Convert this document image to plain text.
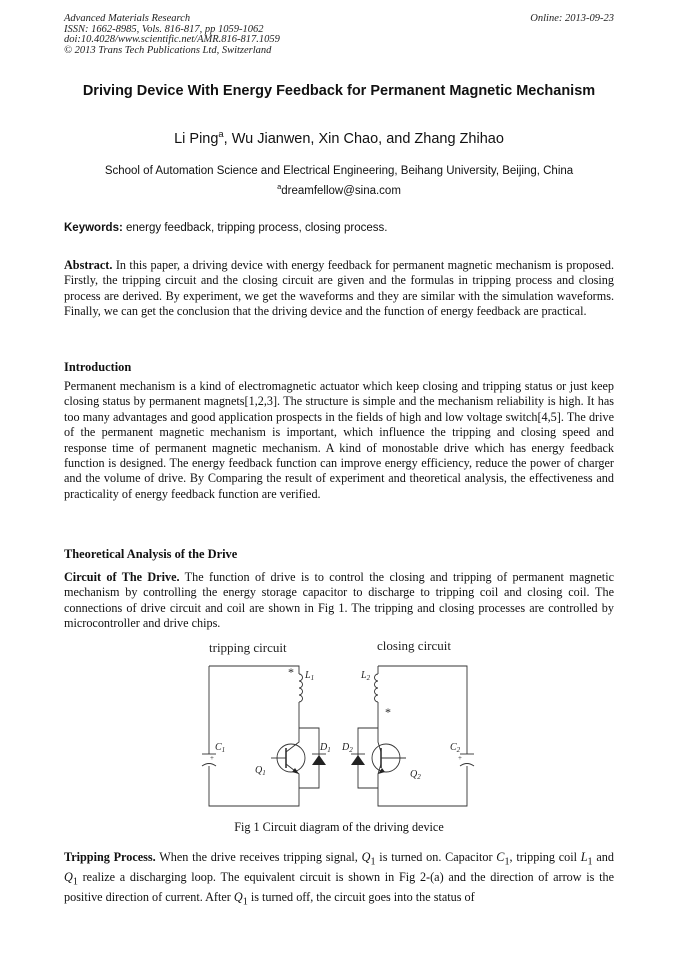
Advanced Materials Research
ISSN: 1662-8985, Vols. 816-817, pp 1059-1062
doi:10.4028/www.scientific.net/AMR.816-817.1059
© 2013 Trans Tech Publications Ltd, Switzerland
Online: 2013-09-23
Driving Device With Energy Feedback for Permanent Magnetic Mechanism
Li Ping$^a$, Wu Jianwen, Xin Chao, and Zhang Zhihao
School of Automation Science and Electrical Engineering, Beihang University, Beijing, China
$^a$dreamfellow@sina.com
Keywords: energy feedback, tripping process, closing process.
Abstract. In this paper, a driving device with energy feedback for permanent magnetic mechanism is proposed. Firstly, the tripping circuit and the closing circuit are given and the formulas in tripping process and closing process are derived. By experiment, we get the waveforms and they are similar with the simulation waveforms. Finally, we can get the conclusion that the driving device and the function of energy feedback are practical.
Introduction
Permanent mechanism is a kind of electromagnetic actuator which keep closing and tripping status or just keep closing status by permanent magnets[1,2,3]. The structure is simple and the mechanism reliability is high. It has too many advantages and good application prospects in the fields of high and low voltage switch[4,5]. The drive of the permanent magnetic mechanism is important, which influence the tripping and closing speed and response time of permanent magnetic mechanism. A kind of monostable drive which has energy feedback function is designed. The energy feedback function can improve energy efficiency, reduce the power of charger and the volume of drive. By Comparing the result of experiment and theoretical analysis, the effectiveness and practicality of energy feedback function are verified.
Theoretical Analysis of the Drive
Circuit of The Drive. The function of drive is to control the closing and tripping of permanent magnetic mechanism by controlling the energy storage capacitor to discharge to tripping coil and closing coil. The connections of drive circuit and coil are shown in Fig 1. The tripping and closing processes are controlled by microcontroller and drive chips.
tripping circuit	closing circuit
*
*
$L_1$	$L_2$
$C_1$	$C_2$
+	+
$D_1$ $D_2$
$Q_1$	$Q_2$
Fig 1 Circuit diagram of the driving device
Tripping Process. When the drive receives tripping signal, $Q_1$ is turned on. Capacitor $C_1$, tripping coil $L_1$ and $Q_1$ realize a discharging loop. The equivalent circuit is shown in Fig 2-(a) and the direction of arrow is the positive direction of current. After $Q_1$ is turned off, the circuit goes into the status of
